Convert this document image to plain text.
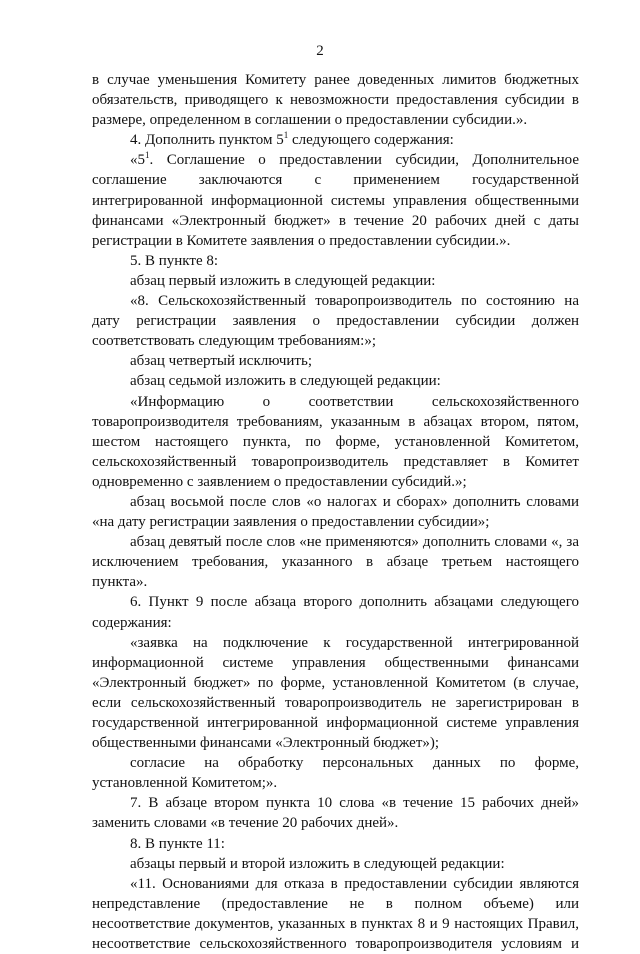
2
в случае уменьшения Комитету ранее доведенных лимитов бюджетных
обязательств, приводящего к невозможности предоставления субсидии в
размере, определенном в соглашении о предоставлении субсидии.».
4. Дополнить пунктом $5^1$ следующего содержания:
«$5^1$. Соглашение о предоставлении субсидии, Дополнительное
соглашение заключаются с применением государственной
интегрированной информационной системы управления общественными
финансами «Электронный бюджет» в течение 20 рабочих дней с даты
регистрации в Комитете заявления о предоставлении субсидии.».
5. В пункте 8:
абзац первый изложить в следующей редакции:
«8. Сельскохозяйственный товаропроизводитель по состоянию на
дату регистрации заявления о предоставлении субсидии должен
соответствовать следующим требованиям:»;
абзац четвертый исключить;
абзац седьмой изложить в следующей редакции:
«Информацию о соответствии сельскохозяйственного
товаропроизводителя требованиям, указанным в абзацах втором, пятом,
шестом настоящего пункта, по форме, установленной Комитетом,
сельскохозяйственный товаропроизводитель представляет в Комитет
одновременно с заявлением о предоставлении субсидий.»;
абзац восьмой после слов «о налогах и сборах» дополнить словами
«на дату регистрации заявления о предоставлении субсидии»;
абзац девятый после слов «не применяются» дополнить словами «, за
исключением требования, указанного в абзаце третьем настоящего
пункта».
6. Пункт 9 после абзаца второго дополнить абзацами следующего
содержания:
«заявка на подключение к государственной интегрированной
информационной системе управления общественными финансами
«Электронный бюджет» по форме, установленной Комитетом (в случае,
если сельскохозяйственный товаропроизводитель не зарегистрирован в
государственной интегрированной информационной системе управления
общественными финансами «Электронный бюджет»);
согласие на обработку персональных данных по форме,
установленной Комитетом;».
7. В абзаце втором пункта 10 слова «в течение 15 рабочих дней»
заменить словами «в течение 20 рабочих дней».
8. В пункте 11:
абзацы первый и второй изложить в следующей редакции:
«11. Основаниями для отказа в предоставлении субсидии являются
непредставление (предоставление не в полном объеме) или
несоответствие документов, указанных в пунктах 8 и 9 настоящих Правил,
несоответствие сельскохозяйственного товаропроизводителя условиям и
